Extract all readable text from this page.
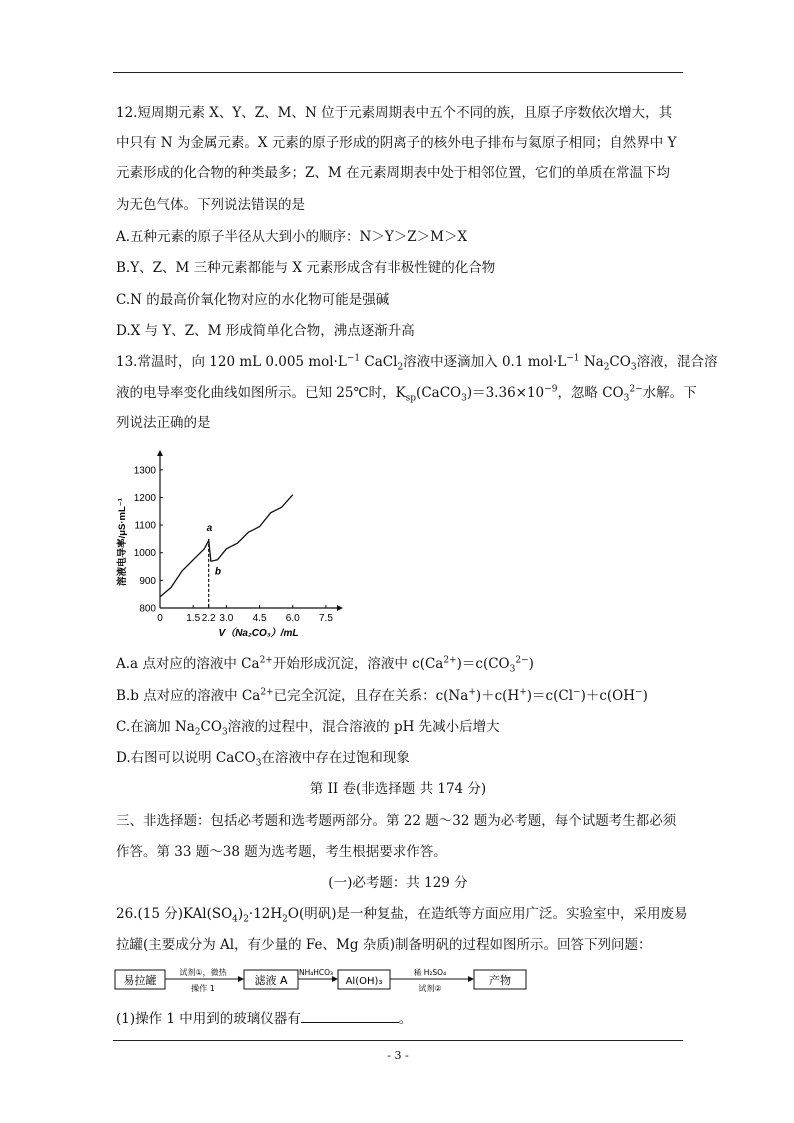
12.短周期元素 X、Y、Z、M、N 位于元素周期表中五个不同的族，且原子序数依次增大，其
中只有 N 为金属元素。X 元素的原子形成的阴离子的核外电子排布与氦原子相同；自然界中 Y
元素形成的化合物的种类最多；Z、M 在元素周期表中处于相邻位置，它们的单质在常温下均
为无色气体。下列说法错误的是
A.五种元素的原子半径从大到小的顺序：N＞Y＞Z＞M＞X
B.Y、Z、M 三种元素都能与 X 元素形成含有非极性键的化合物
C.N 的最高价氧化物对应的水化物可能是强碱
D.X 与 Y、Z、M 形成简单化合物，沸点逐渐升高
13.常温时，向 120 mL 0.005 $mol\cdot L^{-1}$ CaCl$_2$溶液中逐滴加入 0.1 $mol\cdot L^{-1}$ $Na_2CO_3$溶液，混合溶
液的电导率变化曲线如图所示。已知 25℃时，$K_{sp}(CaCO_3)=3.36\times 10^{-9}$，忽略 $CO_3^{2-}$水解。下
列说法正确的是
800
900
1000
1100
1200
1300
0 1.5 2.2 3.0 4.5 6.0 7.5
a
b
V（Na₂CO₃）/mL
溶液电导率/μS·mL⁻¹
A.a 点对应的溶液中 $Ca^{2+}$开始形成沉淀，溶液中 $c(Ca^{2+})=c(CO_3^{2-})$
B.b 点对应的溶液中 $Ca^{2+}$已完全沉淀，且存在关系：c(Na+)＋c(H+)＝c(Cl−)＋c(OH−)
C.在滴加 $Na_2CO_3$溶液的过程中，混合溶液的 pH 先减小后增大
D.右图可以说明 CaCO$_3$在溶液中存在过饱和现象
第 II 卷(非选择题 共 174 分)
三、非选择题：包括必考题和选考题两部分。第 22 题～32 题为必考题，每个试题考生都必须
作答。第 33 题～38 题为选考题，考生根据要求作答。
(一)必考题：共 129 分
26.(15 分)$KAl(SO_4)_2\cdot 12H_2O$(明矾)是一种复盐，在造纸等方面应用广泛。实验室中，采用废易
拉罐(主要成分为 Al，有少量的 Fe、Mg 杂质)制备明矾的过程如图所示。回答下列问题：
易拉罐
试剂①，微热
操作 1
滤液 A
NH₄HCO₃
Al(OH)₃
稀 H₂SO₄
试剂②
产物
(1)操作 1 中用到的玻璃仪器有	。
- 3 -
